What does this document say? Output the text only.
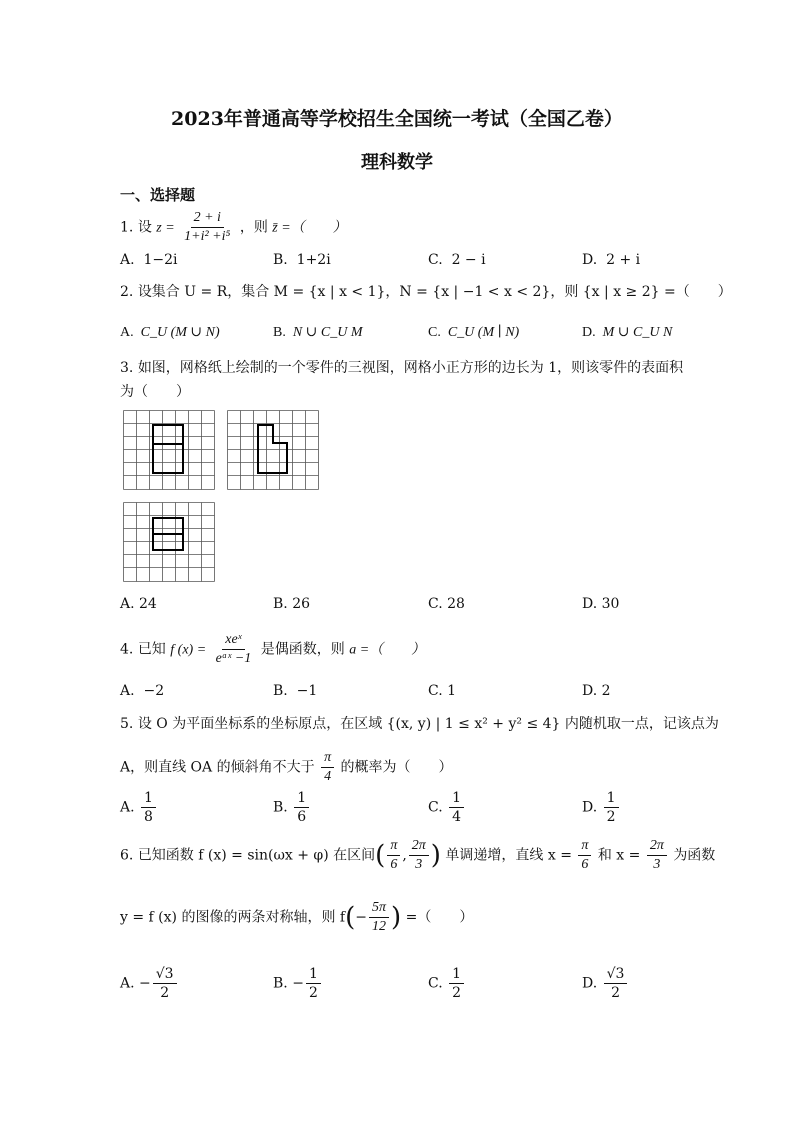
2023年普通高等学校招生全国统一考试（全国乙卷）
理科数学
一、选择题
1. 设 $z = \frac{2 + i}{\text{1+i² +i⁵}}$ ，则 z̄ =（　　）
A. 1−2i	B. 1+2i	C. 2 − i	D. 2 + i
2. 设集合 U = R，集合 M = {x | x < 1}，N = {x | −1 < x < 2}，则 {x | x ≥ 2} =（　　）
A. C_U (M ∪ N)	B. N ∪ C_U M	C. C_U (M ∣ N)	D. M ∪ C_U N
3. 如图，网格纸上绘制的一个零件的三视图，网格小正方形的边长为 1，则该零件的表面积
为（　　）
A. 24	B. 26	C. 28	D. 30
4. 已知 f $(x) = \frac{\text{xeˣ}}{\text{eᵃˣ −1}}$ 是偶函数，则 a =（　　）
A. −2	B. −1	C. 1	D. 2
5. 设 O 为平面坐标系的坐标原点，在区域 {(x, y) | 1 ≤ x² + y² ≤ 4} 内随机取一点，记该点为
A，则直线 OA 的倾斜角不大于 $\frac{\pi}{4}$ 的概率为（　　）
A. $\frac{1}{8}$	B. $\frac{1}{6}$	C. $\frac{1}{4}$	D. $\frac{1}{2}$
6. 已知函数 f (x) = sin(ωx + φ) 在区间( $\frac{\pi}{6}$ , $\frac{2\pi}{3}$ ) 单调递增，直线 $x = \frac{\pi}{6}$ 和 $x = \frac{2\pi}{3}$ 为函数
y = f (x) 的图像的两条对称轴，则 $f(- \frac{5\pi}{12}$ ) =（　　）
A. − $\frac{√3}{2}$	B. − $\frac{1}{2}$	C. $\frac{1}{2}$	D. $\frac{√3}{2}$
